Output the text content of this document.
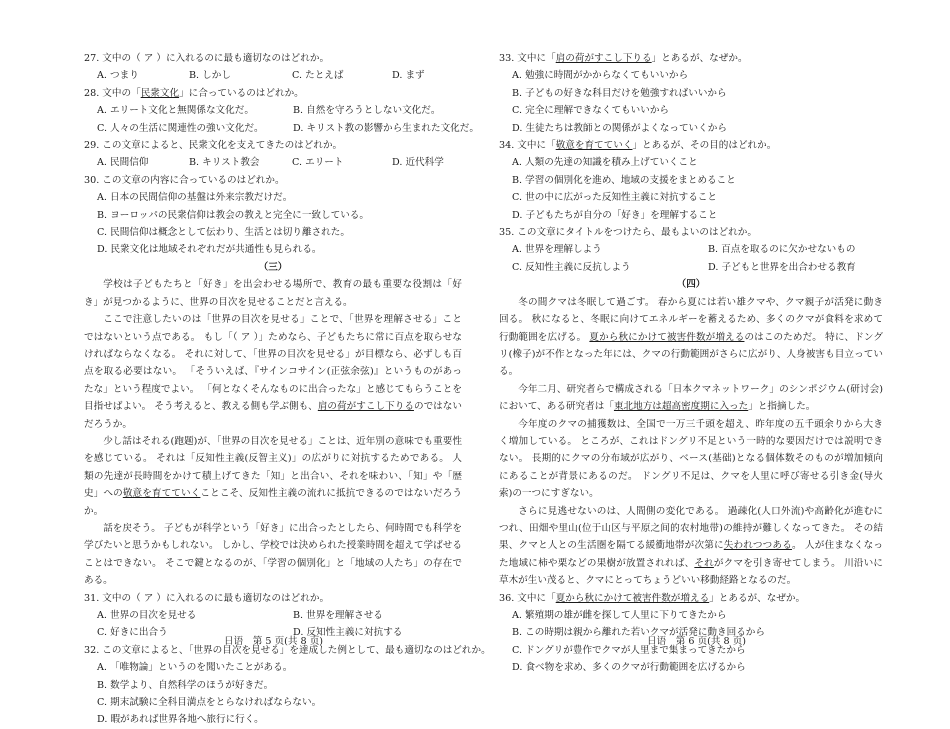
27. 文中の（ ア ）に入れるのに最も適切なのはどれか。
A. つまり	B. しかし	C. たとえば	D. まず
28. 文中の「民衆文化」に合っているのはどれか。
A. エリート文化と無関係な文化だ。	B. 自然を守ろうとしない文化だ。
C. 人々の生活に関連性の強い文化だ。	D. キリスト教の影響から生まれた文化だ。
29. この文章によると、民衆文化を支えてきたのはどれか。
A. 民間信仰	B. キリスト教会	C. エリート	D. 近代科学
30. この文章の内容に合っているのはどれか。
A. 日本の民間信仰の基盤は外来宗教だけだ。
B. ヨーロッパの民衆信仰は教会の教えと完全に一致している。
C. 民間信仰は概念として伝わり、生活とは切り離された。
D. 民衆文化は地域それぞれだが共通性も見られる。
（三）

学校は子どもたちと「好き」を出会わせる場所で、教育の最も重要な役割は「好き」が見つかるように、世界の目次を見せることだと言える。

ここで注意したいのは「世界の目次を見せる」ことで、「世界を理解させる」ことではないという点である。 もし「（ ア ）」ためなら、子どもたちに常に百点を取らせなければならなくなる。 それに対して、「世界の目次を見せる」が目標なら、必ずしも百点を取る必要はない。 「そういえば、『サインコサイン(正弦余弦)』というものがあったな」という程度でよい。 「何となくそんなものに出合ったな」と感じてもらうことを目指せばよい。 そう考えると、教える側も学ぶ側も、肩の荷がすこし下りるのではないだろうか。

少し話はそれる(跑题)が、「世界の目次を見せる」ことは、近年別の意味でも重要性を感じている。 それは「反知性主義(反智主义)」の広がりに対抗するためである。 人類の先達が長時間をかけて積上げてきた「知」と出合い、それを味わい、「知」や「歴史」への敬意を育てていくことこそ、反知性主義の流れに抵抗できるのではないだろうか。

話を戻そう。 子どもが科学という「好き」に出合ったとしたら、何時間でも科学を学びたいと思うかもしれない。 しかし、学校では決められた授業時間を超えて学ばせることはできない。 そこで鍵となるのが、「学習の個別化」と「地域の人たち」の存在である。

31. 文中の（ ア ）に入れるのに最も適切なのはどれか。
A. 世界の目次を見せる	B. 世界を理解させる
C. 好きに出合う	D. 反知性主義に対抗する
32. この文章によると、「世界の目次を見せる」を達成した例として、最も適切なのはどれか。
A. 「唯物論」というのを聞いたことがある。
B. 数学より、自然科学のほうが好きだ。
C. 期末試験に全科目満点をとらなければならない。
D. 暇があれば世界各地へ旅行に行く。
日语　第 5 页(共 8 页)
33. 文中に「肩の荷がすこし下りる」とあるが、なぜか。
A. 勉強に時間がかからなくてもいいから
B. 子どもの好きな科目だけを勉強すればいいから
C. 完全に理解できなくてもいいから
D. 生徒たちは教師との関係がよくなっていくから
34. 文中に「敬意を育てていく」とあるが、その目的はどれか。
A. 人類の先達の知識を積み上げていくこと
B. 学習の個別化を進め、地域の支援をまとめること
C. 世の中に広がった反知性主義に対抗すること
D. 子どもたちが自分の「好き」を理解すること
35. この文章にタイトルをつけたら、最もよいのはどれか。
A. 世界を理解しよう	B. 百点を取るのに欠かせないもの
C. 反知性主義に反抗しよう	D. 子どもと世界を出合わせる教育
（四）

冬の間クマは冬眠して過ごす。 春から夏には若い雄クマや、クマ親子が活発に動き回る。 秋になると、冬眠に向けてエネルギーを蓄えるため、多くのクマが食料を求めて行動範囲を広げる。 夏から秋にかけて被害件数が増えるのはこのためだ。 特に、ドングリ(橡子)が不作となった年には、クマの行動範囲がさらに広がり、人身被害も目立っている。

今年二月、研究者らで構成される「日本クマネットワーク」のシンポジウム(研讨会)において、ある研究者は「東北地方は超高密度期に入った」と指摘した。

今年度のクマの捕獲数は、全国で一万三千頭を超え、昨年度の五千頭余りから大きく増加している。 ところが、これはドングリ不足という一時的な要因だけでは説明できない。 長期的にクマの分布域が広がり、ベース(基础)となる個体数そのものが増加傾向にあることが背景にあるのだ。 ドングリ不足は、クマを人里に呼び寄せる引き金(导火索)の一つにすぎない。

さらに見逃せないのは、人間側の変化である。 過疎化(人口外流)や高齢化が進むにつれ、田畑や里山(位于山区与平原之间的农村地带)の維持が難しくなってきた。 その結果、クマと人との生活圏を隔てる緩衝地帯が次第に失われつつある。 人が住まなくなった地域に柿や栗などの果樹が放置されれば、それがクマを引き寄せてしまう。 川沿いに草木が生い茂ると、クマにとってちょうどいい移動経路となるのだ。

36. 文中に「夏から秋にかけて被害件数が増える」とあるが、なぜか。
A. 繁殖期の雄が雌を探して人里に下りてきたから
B. この時期は親から離れた若いクマが活発に動き回るから
C. ドングリが豊作でクマが人里まで集まってきたから
D. 食べ物を求め、多くのクマが行動範囲を広げるから
日语　第 6 页(共 8 页)
